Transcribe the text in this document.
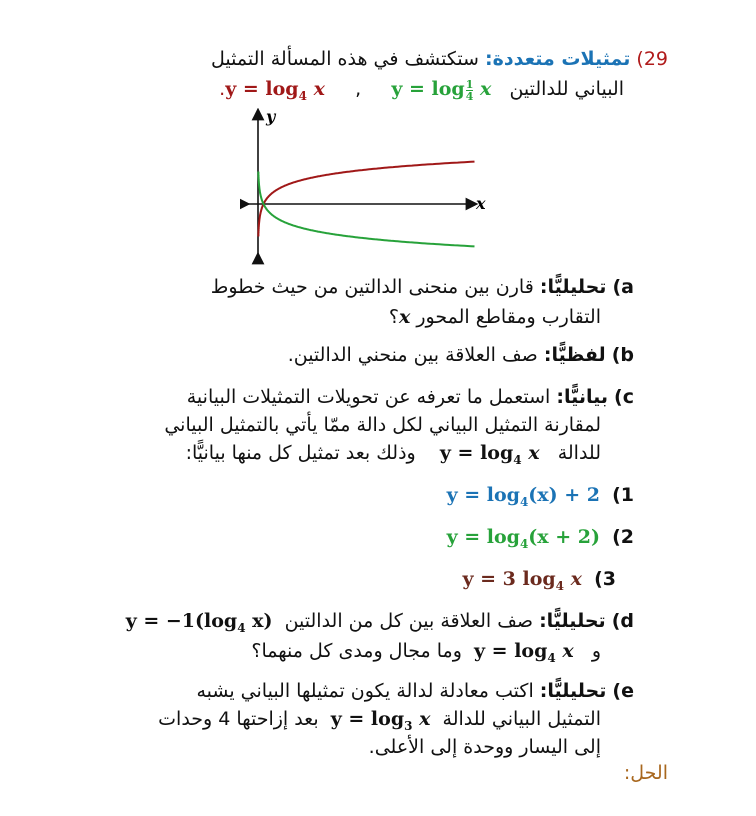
29) تمثيلات متعددة: ستكتشف في هذه المسألة التمثيل
البياني للدالتين   $y = \log \frac{1}{4}$ x     ,     $y = \log_4 x$.
y
x
a) تحليليًّا: قارن بين منحنى الدالتين من حيث خطوط
التقارب ومقاطع المحور x؟
b) لفظيًّا: صف العلاقة بين منحني الدالتين.
c) بيانيًّا: استعمل ما تعرفه عن تحويلات التمثيلات البيانية
لمقارنة التمثيل البياني لكل دالة ممّا يأتي بالتمثيل البياني
للدالة   $y = \log_4 x$    وذلك بعد تمثيل كل منها بيانيًّا:
1)  $y = \log_4(x) + 2$
2)  $y = \log_4(x + 2)$
3)  y = 3 $\log_4 x$
d) تحليليًّا: صف العلاقة بين كل من الدالتين  $y = -1(\log_4$ x)
و   $y = \log_4 x$  وما مجال ومدى كل منهما؟
e) تحليليًّا: اكتب معادلة لدالة يكون تمثيلها البياني يشبه
التمثيل البياني للدالة  $y = \log_3 x$  بعد إزاحتها 4 وحدات
إلى اليسار ووحدة إلى الأعلى.
الحل:
